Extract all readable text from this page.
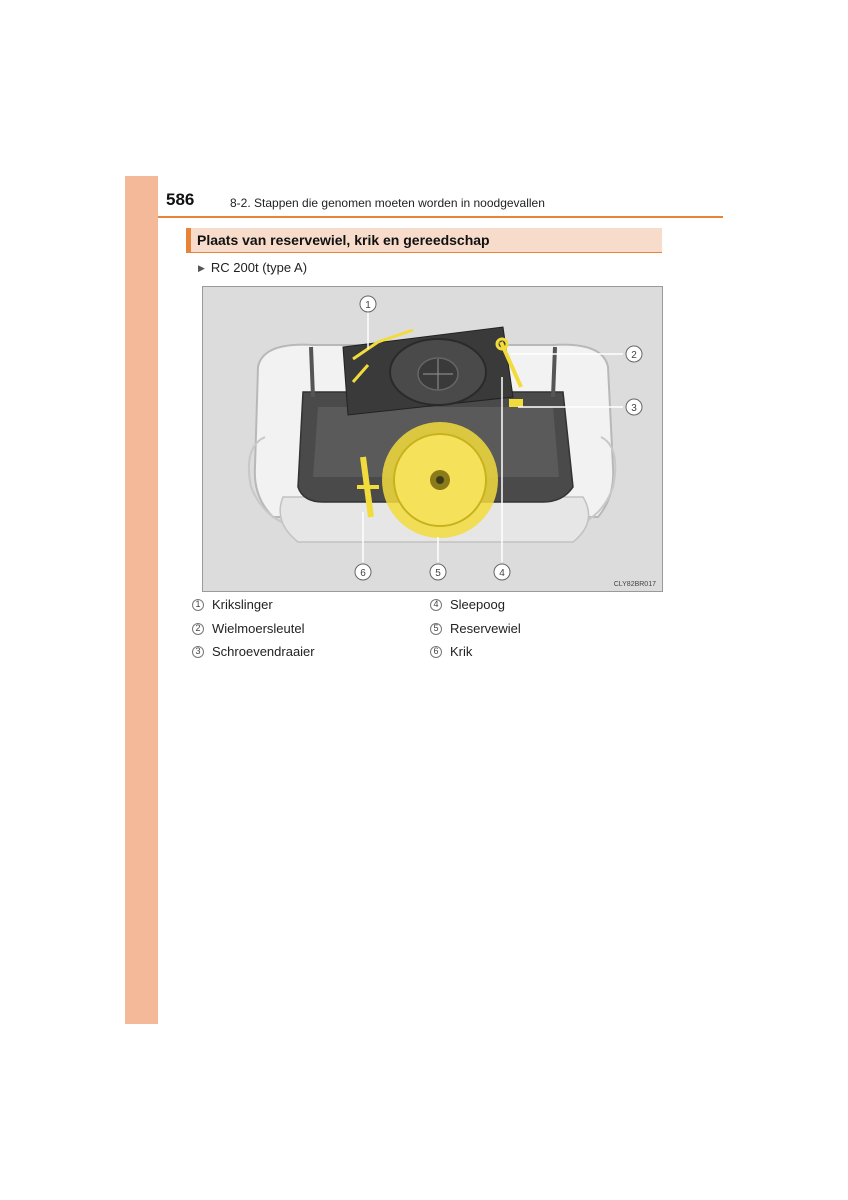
586	8-2. Stappen die genomen moeten worden in noodgevallen
Plaats van reservewiel, krik en gereedschap
▶ RC 200t (type A)
1
2
3
4
5
6
CLY82BR017
1 Krikslinger
2 Wielmoersleutel
3 Schroevendraaier
4 Sleepoog
5 Reservewiel
6 Krik
